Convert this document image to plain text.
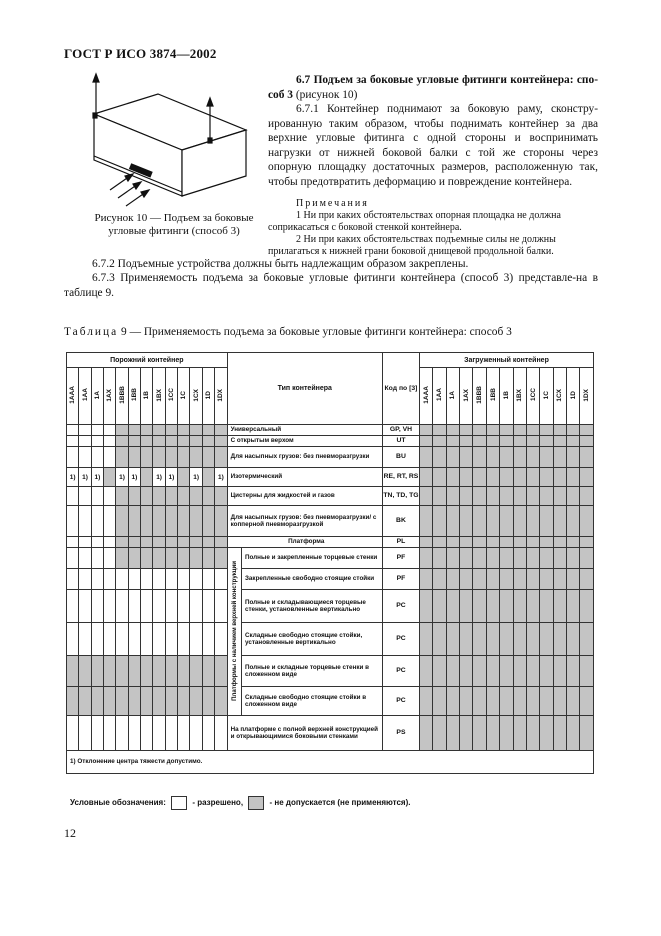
ГОСТ Р ИСО 3874—2002
Рисунок 10 — Подъем за боковые
угловые фитинги (способ 3)
6.7 Подъем за боковые угловые фитинги контейнера: спо- соб 3 (рисунок 10)
6.7.1 Контейнер поднимают за боковую раму, сконстру-ированную таким образом, чтобы поднимать контейнер за два верхние угловые фитинга с одной стороны и воспринимать нагрузки от нижней боковой балки с той же стороны через опорную площадку достаточных размеров, расположенную так, чтобы предотвратить деформацию и повреждение контейнера.
Примечания
1 Ни при каких обстоятельствах опорная площадка не должна соприкасаться с боковой стенкой контейнера.
2 Ни при каких обстоятельствах подъемные силы не должны прилагаться к нижней грани боковой днищевой продольной балки.
6.7.2 Подъемные устройства должны быть надлежащим образом закреплены.
6.7.3 Применяемость подъема за боковые угловые фитинги контейнера (способ 3) представле-на в таблице 9.
Таблица 9 — Применяемость подъема за боковые угловые фитинги контейнера: способ 3
Порожний контейнер													Тип контейнера		Код по [3]	Загруженный контейнер												
1AAA	1AA	1A	1AX	1BBB	1BB	1B	1BX	1CC	1C	1CX	1D	1DX				1AAA	1AA	1A	1AX	1BBB	1BB	1B	1BX	1CC	1C	1CX	1D	1DX
													Универсальный		GP, VH													
													С открытым верхом		UT													
													Для насыпных грузов: без пневморазгрузки		BU													
1)	1)	1)		1)	1)		1)	1)		1)		1)	Изотермический		RE, RT, RS													
													Цистерны для жидкостей и газов		TN, TD, TG													
													Для насыпных грузов: без пневморазгрузки/ с копперной пневморазгрузкой		BK													
													Платформа		PL													
													Платформы с наличием верхней конструкции	Полные и закрепленные торцевые стенки	PF													
														Закрепленные свободно стоящие стойки	PF													
														Полные и складывающиеся торцевые стенки, установленные вертикально	PC													
														Складные свободно стоящие стойки, установленные вертикально	PC													
														Полные и складные торцевые стенки в сложенном виде	PC													
														Складные свободно стоящие стойки в сложенном виде	PC													
													На платформе с полной верхней конструкцией и открывающимися боковыми стенками		PS													
1) Отклонение центра тяжести допустимо.																												
Условные обозначения:	- разрешено,	- не допускается (не применяются).
12
